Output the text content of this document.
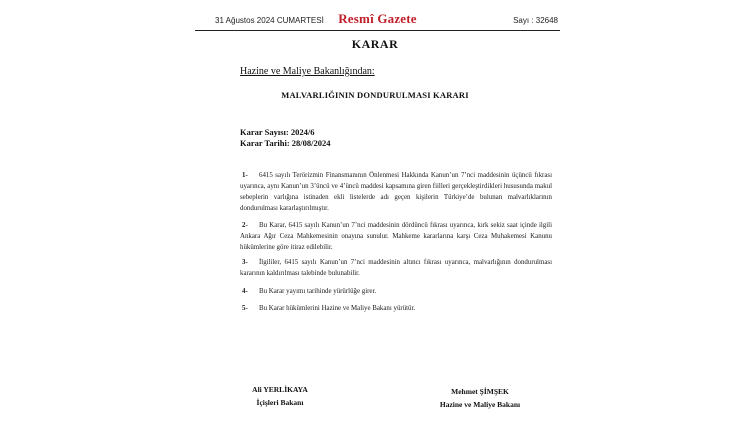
31 Ağustos 2024 CUMARTESİ	Resmî Gazete	Sayı : 32648
KARAR
Hazine ve Maliye Bakanlığından:
MALVARLIĞININ DONDURULMASI KARARI
Karar Sayısı: 2024/6
Karar Tarihi: 28/08/2024
1- 6415 sayılı Terörizmin Finansmanının Önlenmesi Hakkında Kanun’un 7’nci maddesinin üçüncü fıkrası uyarınca, aynı Kanun’un 3’üncü ve 4’üncü maddesi kapsamına giren fiilleri gerçekleştirdikleri hususunda makul sebeplerin varlığına istinaden ekli listelerde adı geçen kişilerin Türkiye’de bulunan malvarlıklarının dondurulması kararlaştırılmıştır.
2- Bu Karar, 6415 sayılı Kanun’un 7’nci maddesinin dördüncü fıkrası uyarınca, kırk sekiz saat içinde ilgili Ankara Ağır Ceza Mahkemesinin onayına sunulur. Mahkeme kararlarına karşı Ceza Muhakemesi Kanunu hükümlerine göre itiraz edilebilir.
3- İlgililer, 6415 sayılı Kanun’un 7’nci maddesinin altıncı fıkrası uyarınca, malvarlığının dondurulması kararının kaldırılması talebinde bulunabilir.
4- Bu Karar yayımı tarihinde yürürlüğe girer.
5- Bu Karar hükümlerini Hazine ve Maliye Bakanı yürütür.
Ali YERLİKAYA
İçişleri Bakanı
Mehmet ŞİMŞEK
Hazine ve Maliye Bakanı
